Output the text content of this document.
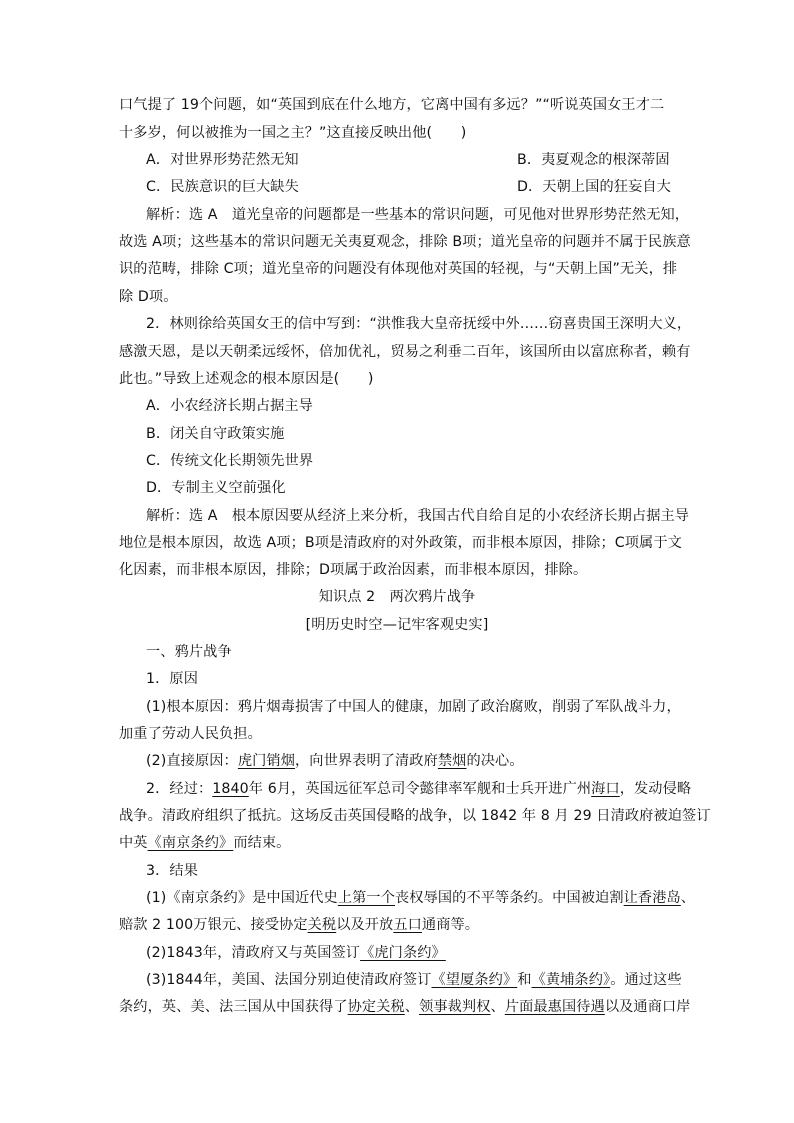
口气提了 19个问题，如“英国到底在什么地方，它离中国有多远？”“听说英国女王才二
十多岁，何以被推为一国之主？”这直接反映出他(　　)
A．对世界形势茫然无知	B．夷夏观念的根深蒂固
C．民族意识的巨大缺失	D．天朝上国的狂妄自大
解析：选 A　道光皇帝的问题都是一些基本的常识问题，可见他对世界形势茫然无知，
故选 A项；这些基本的常识问题无关夷夏观念，排除 B项；道光皇帝的问题并不属于民族意
识的范畴，排除 C项；道光皇帝的问题没有体现他对英国的轻视，与“天朝上国”无关，排
除 D项。
2．林则徐给英国女王的信中写到：“洪惟我大皇帝抚绥中外……窃喜贵国王深明大义，
感激天恩，是以天朝柔远绥怀，倍加优礼，贸易之利垂二百年，该国所由以富庶称者，赖有
此也。”导致上述观念的根本原因是(　　)
A．小农经济长期占据主导
B．闭关自守政策实施
C．传统文化长期领先世界
D．专制主义空前强化
解析：选 A　根本原因要从经济上来分析，我国古代自给自足的小农经济长期占据主导
地位是根本原因，故选 A项；B项是清政府的对外政策，而非根本原因，排除；C项属于文
化因素，而非根本原因，排除；D项属于政治因素，而非根本原因，排除。
知识点 2　两次鸦片战争
[明历史时空—记牢客观史实]
一、鸦片战争
1．原因
(1)根本原因：鸦片烟毒损害了中国人的健康，加剧了政治腐败，削弱了军队战斗力，
加重了劳动人民负担。
(2)直接原因：虎门销烟，向世界表明了清政府禁烟的决心。
2．经过：1840年 6月，英国远征军总司令懿律率军舰和士兵开进广州海口，发动侵略
战争。清政府组织了抵抗。这场反击英国侵略的战争，以 1842 年 8 月 29 日清政府被迫签订
中英《南京条约》而结束。
3．结果
(1)《南京条约》是中国近代史上第一个丧权辱国的不平等条约。中国被迫割让香港岛、
赔款 2 100万银元、接受协定关税以及开放五口通商等。
(2)1843年，清政府又与英国签订《虎门条约》
(3)1844年，美国、法国分别迫使清政府签订《望厦条约》和《黄埔条约》。通过这些
条约，英、美、法三国从中国获得了协定关税、领事裁判权、片面最惠国待遇以及通商口岸
